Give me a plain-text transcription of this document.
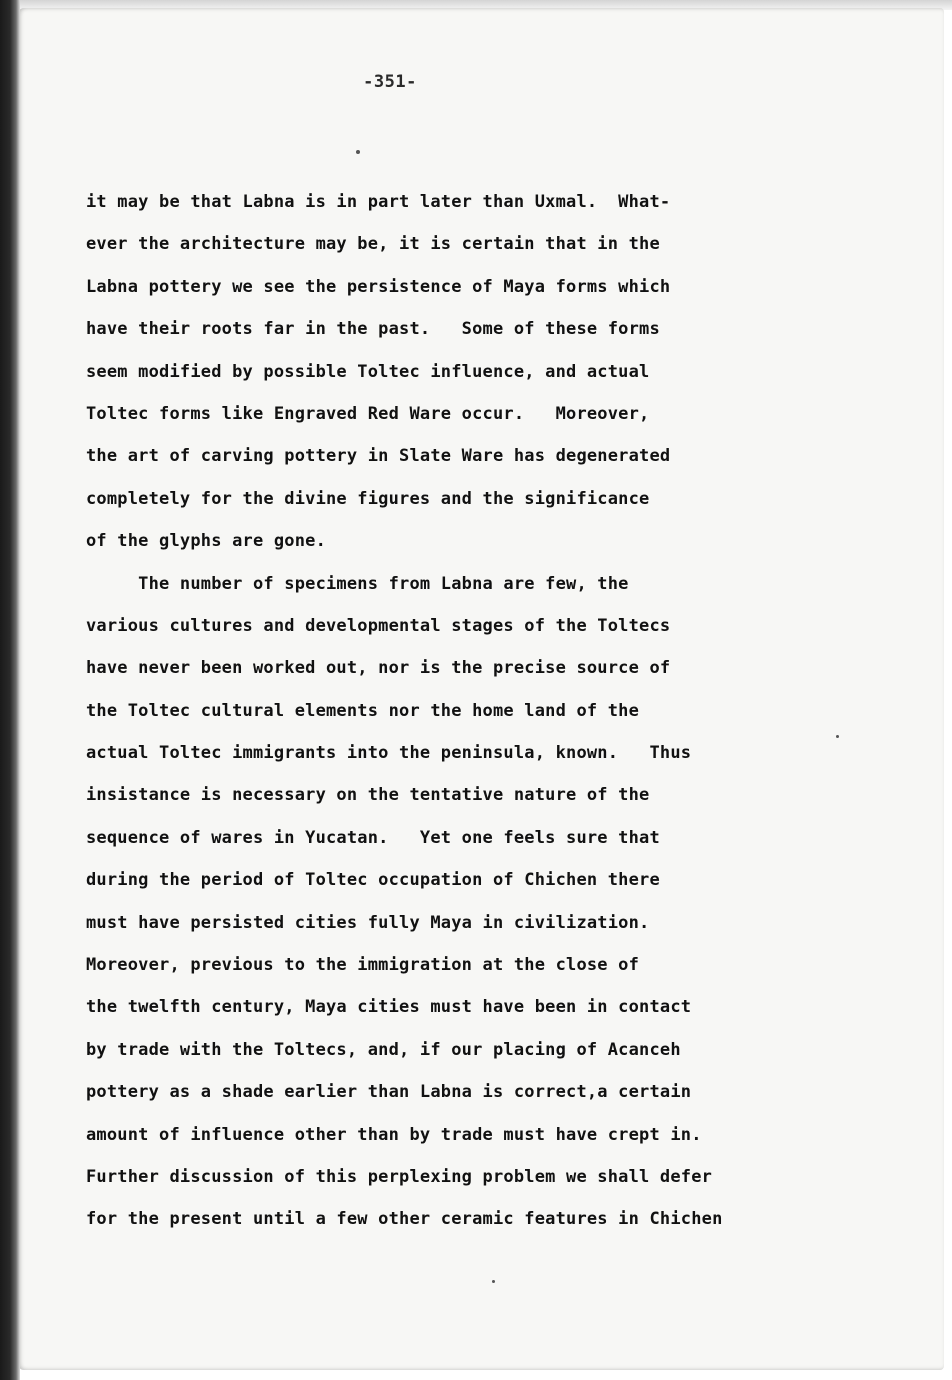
-351-
it may be that Labna is in part later than Uxmal.  What-
ever the architecture may be, it is certain that in the
Labna pottery we see the persistence of Maya forms which
have their roots far in the past.   Some of these forms
seem modified by possible Toltec influence, and actual
Toltec forms like Engraved Red Ware occur.   Moreover,
the art of carving pottery in Slate Ware has degenerated
completely for the divine figures and the significance
of the glyphs are gone.
The number of specimens from Labna are few, the
various cultures and developmental stages of the Toltecs
have never been worked out, nor is the precise source of
the Toltec cultural elements nor the home land of the
actual Toltec immigrants into the peninsula, known.   Thus
insistance is necessary on the tentative nature of the
sequence of wares in Yucatan.   Yet one feels sure that
during the period of Toltec occupation of Chichen there
must have persisted cities fully Maya in civilization.
Moreover, previous to the immigration at the close of
the twelfth century, Maya cities must have been in contact
by trade with the Toltecs, and, if our placing of Acanceh
pottery as a shade earlier than Labna is correct,a certain
amount of influence other than by trade must have crept in.
Further discussion of this perplexing problem we shall defer
for the present until a few other ceramic features in Chichen
